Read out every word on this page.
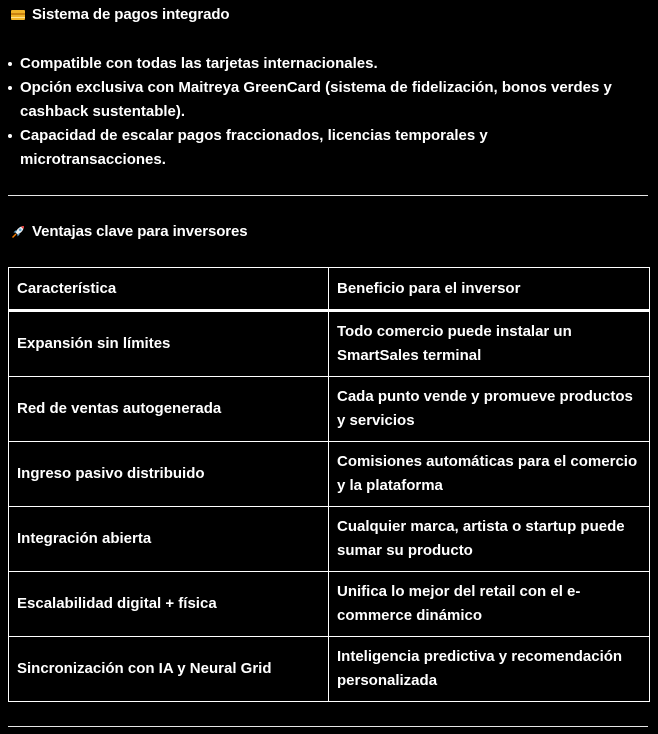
Sistema de pagos integrado
Compatible con todas las tarjetas internacionales.
Opción exclusiva con Maitreya GreenCard (sistema de fidelización, bonos verdes y cashback sustentable).
Capacidad de escalar pagos fraccionados, licencias temporales y microtransacciones.
Ventajas clave para inversores
Característica	Beneficio para el inversor
Expansión sin límites	Todo comercio puede instalar un SmartSales terminal
Red de ventas autogenerada	Cada punto vende y promueve productos y servicios
Ingreso pasivo distribuido	Comisiones automáticas para el comercio y la plataforma
Integración abierta	Cualquier marca, artista o startup puede sumar su producto
Escalabilidad digital + física	Unifica lo mejor del retail con el e-commerce dinámico
Sincronización con IA y Neural Grid	Inteligencia predictiva y recomendación personalizada
